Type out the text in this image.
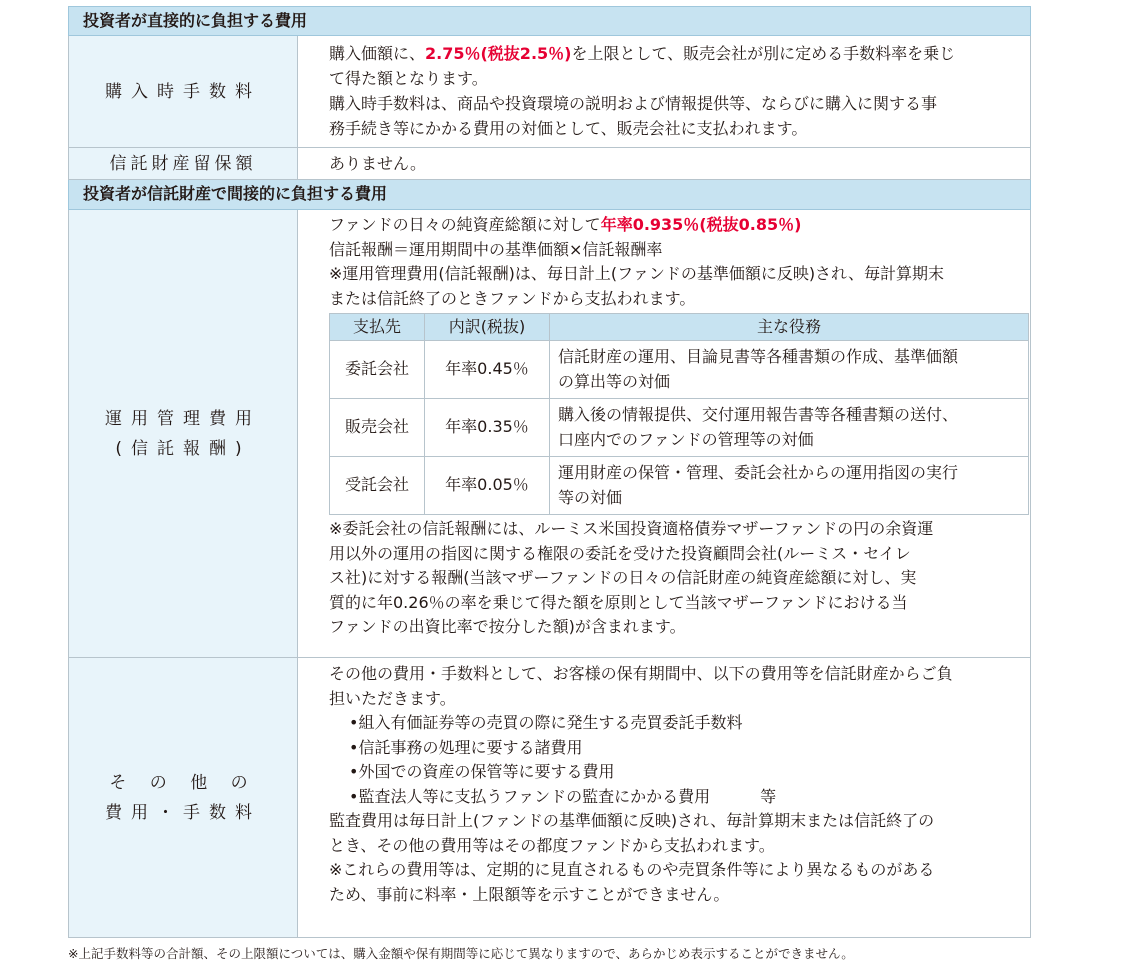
投資者が直接的に負担する費用
購入時手数料
購入価額に、2.75％(税抜2.5％)を上限として、販売会社が別に定める手数料率を乗じ
て得た額となります。
購入時手数料は、商品や投資環境の説明および情報提供等、ならびに購入に関する事
務手続き等にかかる費用の対価として、販売会社に支払われます。
信託財産留保額	ありません。
投資者が信託財産で間接的に負担する費用
運用管理費用
(信託報酬)
ファンドの日々の純資産総額に対して年率0.935％(税抜0.85％)
信託報酬＝運用期間中の基準価額×信託報酬率
※運用管理費用(信託報酬)は、毎日計上(ファンドの基準価額に反映)され、毎計算期末
または信託終了のときファンドから支払われます。
支払先	内訳(税抜)	主な役務
委託会社	年率0.45％	信託財産の運用、目論見書等各種書類の作成、基準価額
の算出等の対価

販売会社	年率0.35％	購入後の情報提供、交付運用報告書等各種書類の送付、
口座内でのファンドの管理等の対価

受託会社	年率0.05％	運用財産の保管・管理、委託会社からの運用指図の実行
等の対価
※委託会社の信託報酬には、ルーミス米国投資適格債券マザーファンドの円の余資運
用以外の運用の指図に関する権限の委託を受けた投資顧問会社(ルーミス・セイレ
ス社)に対する報酬(当該マザーファンドの日々の信託財産の純資産総額に対し、実
質的に年0.26％の率を乗じて得た額を原則として当該マザーファンドにおける当
ファンドの出資比率で按分した額)が含まれます。
そ の 他 の
費用・手数料
その他の費用・手数料として、お客様の保有期間中、以下の費用等を信託財産からご負
担いただきます。
•組入有価証券等の売買の際に発生する売買委託手数料
•信託事務の処理に要する諸費用
•外国での資産の保管等に要する費用
•監査法人等に支払うファンドの監査にかかる費用	等
監査費用は毎日計上(ファンドの基準価額に反映)され、毎計算期末または信託終了の
とき、その他の費用等はその都度ファンドから支払われます。
※これらの費用等は、定期的に見直されるものや売買条件等により異なるものがある
ため、事前に料率・上限額等を示すことができません。
※上記手数料等の合計額、その上限額については、購入金額や保有期間等に応じて異なりますので、あらかじめ表示することができません。
